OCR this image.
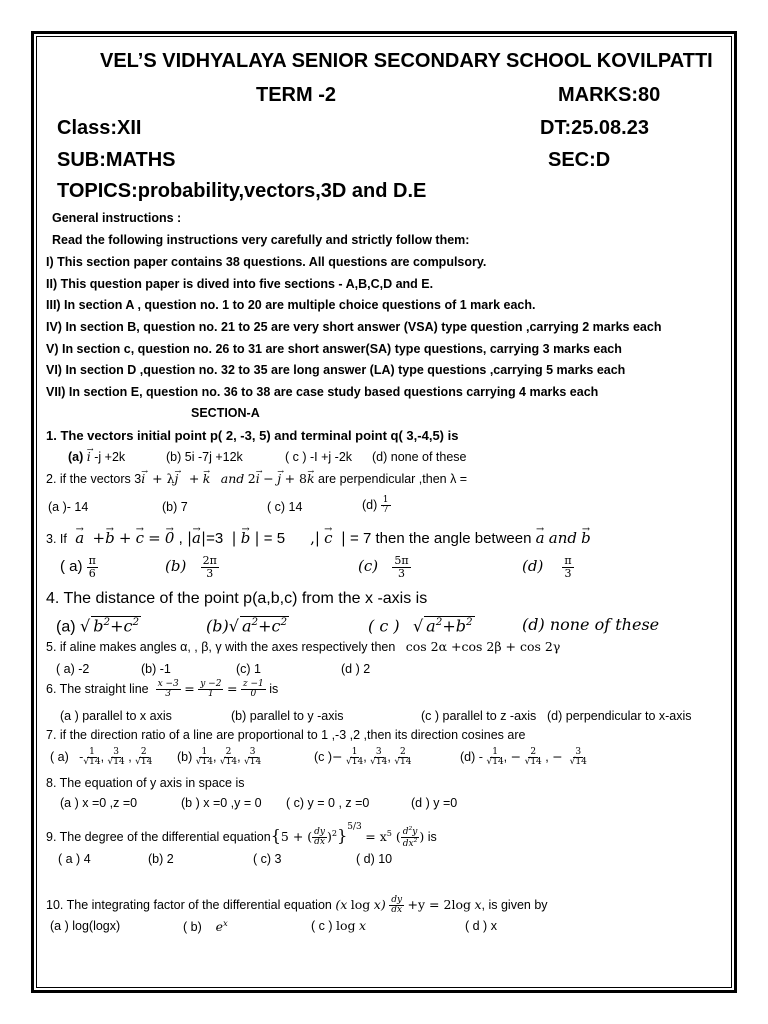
VEL’S VIDHYALAYA SENIOR SECONDARY SCHOOL KOVILPATTI
TERM -2	MARKS:80
Class:XII	DT:25.08.23
SUB:MATHS	SEC:D
TOPICS:probability,vectors,3D and D.E
General instructions :
Read the following instructions very carefully and strictly follow them:
I) This section paper contains 38 questions. All questions are compulsory.
II) This question paper is dived into five sections - A,B,C,D and E.
III) In section A , question no. 1 to 20 are multiple choice questions of 1 mark each.
IV) In section B, question no. 21 to 25 are very short answer (VSA) type question ,carrying 2 marks each
V) In section c, question no. 26 to 31 are short answer(SA) type questions, carrying 3 marks each
VI) In section D ,question no. 32 to 35 are long answer (LA) type questions ,carrying 5 marks each
VII) In section E, question no. 36 to 38 are case study based questions carrying 4 marks each
SECTION-A
1. The vectors initial point p( 2, -3, 5) and terminal point q( 3,-4,5) is
(a) → i -j +2k	(b) 5i -7j +12k	( c ) -I +j -2k (d) none of these
2. if the vectors 3→ i + λ→ j + → k and 2→ i − → j + 8→ k are perpendicular ,then λ =
(a )- 14	(b) 7	( c) 14	$(d) \frac{1}{7}$
3. If → a +→ b + → c = → 0 , |→ a|=3 | → b | = 5 ,| → c | = 7 then the angle between → a and → b
( $a) \frac{\pi}{6}$	$(b) \frac{2\pi}{3}$	$(c) \frac{5\pi}{3}$	$(d) \frac{\pi}{3}$
4. The distance of the point p(a,b,c) from the x -axis is
(a) √ $b^2+c^2$	(b)√ $a^2+c^2$	( c ) √ $a^2+b^2$	(d) none of these
5. if aline makes angles α, , β, γ with the axes respectively then cos 2α +cos 2β + cos 2γ
( a) -2	(b) -1	(c) 1	(d ) 2
6. The straight line $\frac{x -3}{3} = \frac{y -2}{1} = \frac{z -1}{0}$ is
(a ) parallel to x axis	(b) parallel to y -axis	(c ) parallel to z -axis (d) perpendicular to x-axis
7. if the direction ratio of a line are proportional to 1 ,-3 ,2 ,then its direction cosines are
( $a) - \frac{1}{√14}$ , $\frac{3}{√14}$ , $\frac{2}{√14} (b) \frac{1}{√14}$ , $\frac{2}{√14}$ , $\frac{3}{√14}$	(c )− $\frac{1}{√14}$ , $\frac{3}{√14}$ , $\frac{2}{√14}$	$(d) - \frac{1}{√14}$ , − $\frac{2}{√14}$ , − $\frac{3}{√14}$
8. The equation of y axis in space is
(a ) x =0 ,z =0	(b ) x =0 ,y = 0 ( c) y = 0 , z =0	(d ) y =0
9. The degree of the differential equation{5 + ( $\frac{dy}{dx} )^2\}^{5/3} = x^5$ ( $\frac{d^2y}{dx^2}$ ) is
( a ) 4	(b) 2	( c) 3	( d) 10
10. The integrating factor of the differential equation (x $\log x) \frac{dy}{dx} +y = 2\log$ x, is given by
(a ) log(logx)	( b) $e^x$	( c ) log x	( d ) x
